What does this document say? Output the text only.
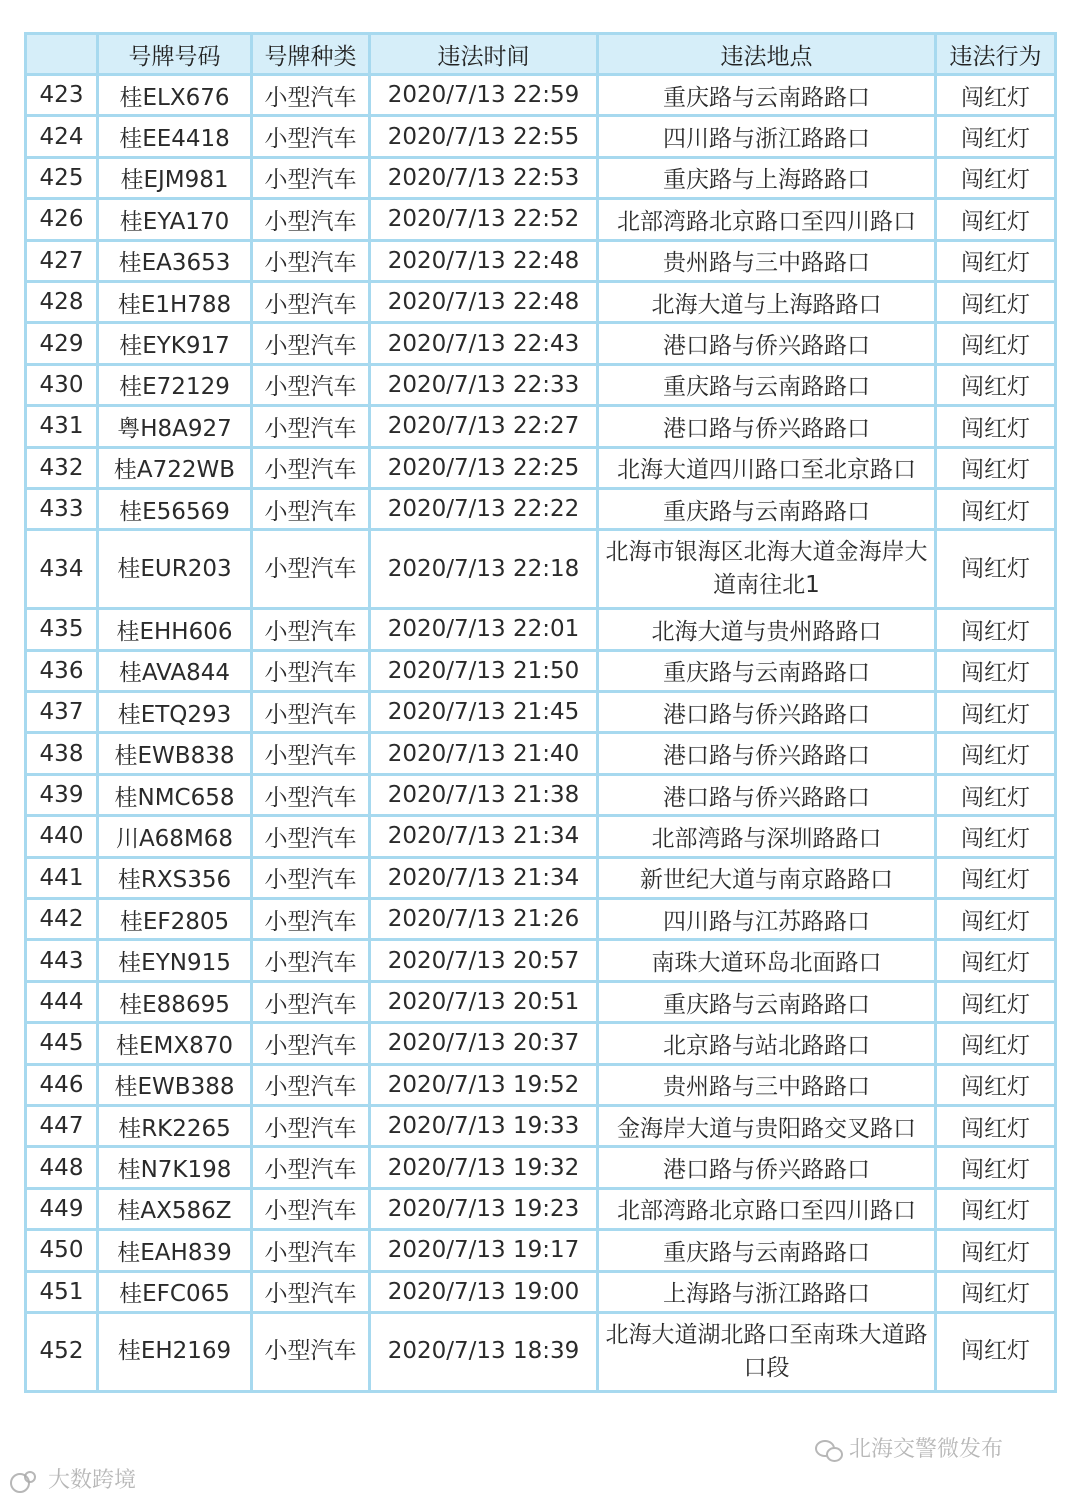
	号牌号码	号牌种类	违法时间	违法地点	违法行为
423	桂ELX676	小型汽车	2020/7/13 22:59	重庆路与云南路路口	闯红灯
424	桂EE4418	小型汽车	2020/7/13 22:55	四川路与浙江路路口	闯红灯
425	桂EJM981	小型汽车	2020/7/13 22:53	重庆路与上海路路口	闯红灯
426	桂EYA170	小型汽车	2020/7/13 22:52	北部湾路北京路口至四川路口	闯红灯
427	桂EA3653	小型汽车	2020/7/13 22:48	贵州路与三中路路口	闯红灯
428	桂E1H788	小型汽车	2020/7/13 22:48	北海大道与上海路路口	闯红灯
429	桂EYK917	小型汽车	2020/7/13 22:43	港口路与侨兴路路口	闯红灯
430	桂E72129	小型汽车	2020/7/13 22:33	重庆路与云南路路口	闯红灯
431	粤H8A927	小型汽车	2020/7/13 22:27	港口路与侨兴路路口	闯红灯
432	桂A722WB	小型汽车	2020/7/13 22:25	北海大道四川路口至北京路口	闯红灯
433	桂E56569	小型汽车	2020/7/13 22:22	重庆路与云南路路口	闯红灯
434	桂EUR203	小型汽车	2020/7/13 22:18	北海市银海区北海大道金海岸大道南往北1	闯红灯
435	桂EHH606	小型汽车	2020/7/13 22:01	北海大道与贵州路路口	闯红灯
436	桂AVA844	小型汽车	2020/7/13 21:50	重庆路与云南路路口	闯红灯
437	桂ETQ293	小型汽车	2020/7/13 21:45	港口路与侨兴路路口	闯红灯
438	桂EWB838	小型汽车	2020/7/13 21:40	港口路与侨兴路路口	闯红灯
439	桂NMC658	小型汽车	2020/7/13 21:38	港口路与侨兴路路口	闯红灯
440	川A68M68	小型汽车	2020/7/13 21:34	北部湾路与深圳路路口	闯红灯
441	桂RXS356	小型汽车	2020/7/13 21:34	新世纪大道与南京路路口	闯红灯
442	桂EF2805	小型汽车	2020/7/13 21:26	四川路与江苏路路口	闯红灯
443	桂EYN915	小型汽车	2020/7/13 20:57	南珠大道环岛北面路口	闯红灯
444	桂E88695	小型汽车	2020/7/13 20:51	重庆路与云南路路口	闯红灯
445	桂EMX870	小型汽车	2020/7/13 20:37	北京路与站北路路口	闯红灯
446	桂EWB388	小型汽车	2020/7/13 19:52	贵州路与三中路路口	闯红灯
447	桂RK2265	小型汽车	2020/7/13 19:33	金海岸大道与贵阳路交叉路口	闯红灯
448	桂N7K198	小型汽车	2020/7/13 19:32	港口路与侨兴路路口	闯红灯
449	桂AX586Z	小型汽车	2020/7/13 19:23	北部湾路北京路口至四川路口	闯红灯
450	桂EAH839	小型汽车	2020/7/13 19:17	重庆路与云南路路口	闯红灯
451	桂EFC065	小型汽车	2020/7/13 19:00	上海路与浙江路路口	闯红灯
452	桂EH2169	小型汽车	2020/7/13 18:39	北海大道湖北路口至南珠大道路口段	闯红灯
大数跨境
北海交警微发布
